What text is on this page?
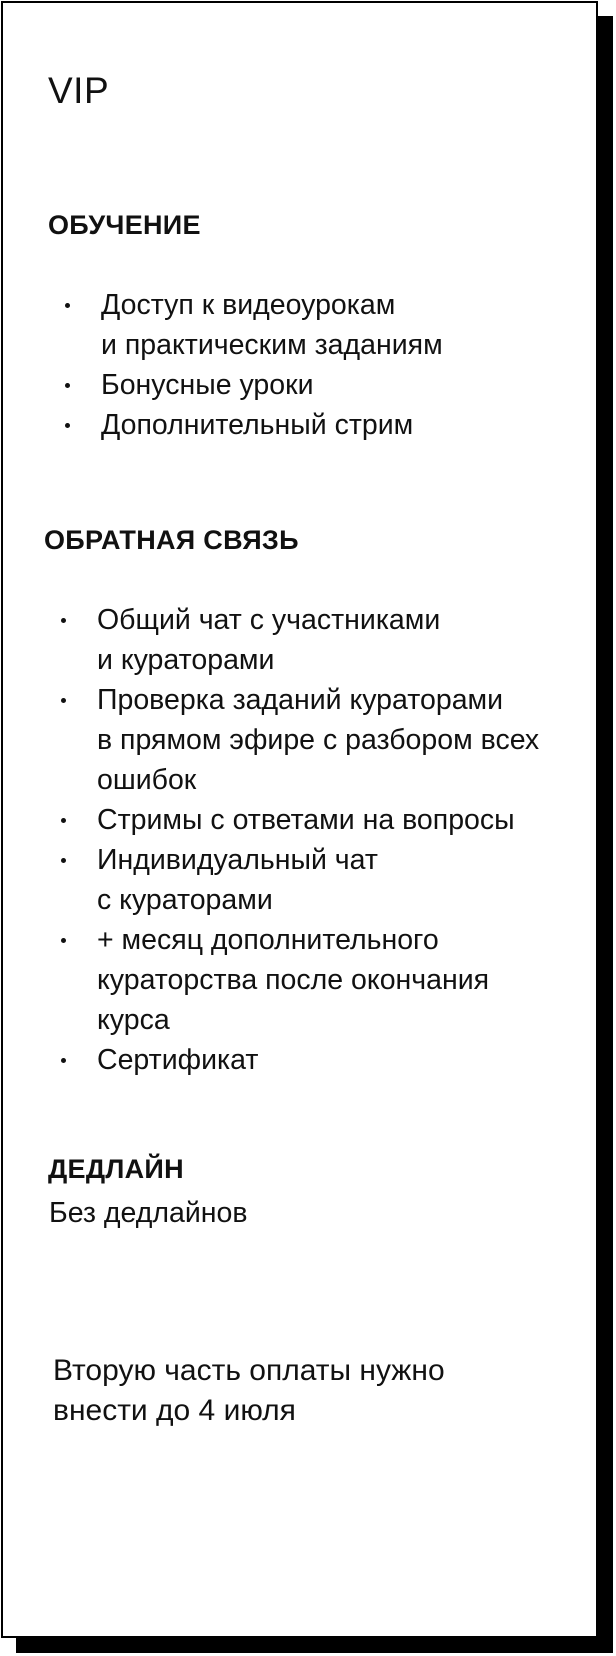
VIP
ОБУЧЕНИЕ
Доступ к видеоурокам
и практическим заданиям
Бонусные уроки
Дополнительный стрим
ОБРАТНАЯ СВЯЗЬ
Общий чат с участниками
и кураторами
Проверка заданий кураторами
в прямом эфире с разбором всех
ошибок
Стримы с ответами на вопросы
Индивидуальный чат
с кураторами
+ месяц дополнительного
кураторства после окончания
курса
Сертификат
ДЕДЛАЙН
Без дедлайнов
Вторую часть оплаты нужно
внести до 4 июля
